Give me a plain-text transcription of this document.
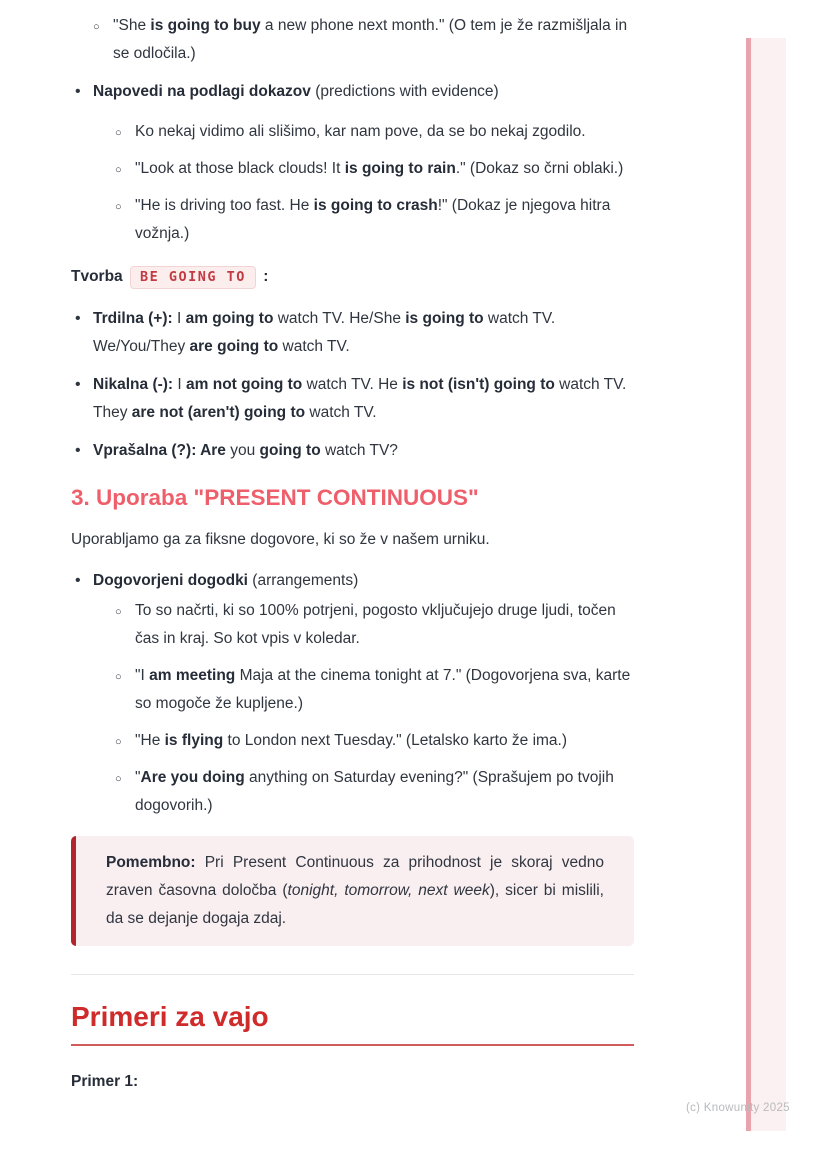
○ "She is going to buy a new phone next month." (O tem je že razmišljala in se odločila.)
• Napovedi na podlagi dokazov (predictions with evidence)
○ Ko nekaj vidimo ali slišimo, kar nam pove, da se bo nekaj zgodilo.
○ "Look at those black clouds! It is going to rain." (Dokaz so črni oblaki.)
○ "He is driving too fast. He is going to crash!" (Dokaz je njegova hitra vožnja.)

Tvorba BE GOING TO :

• Trdilna (+): I am going to watch TV. He/She is going to watch TV. We/You/They are going to watch TV.
• Nikalna (-): I am not going to watch TV. He is not (isn't) going to watch TV. They are not (aren't) going to watch TV.
• Vprašalna (?): Are you going to watch TV?
3. Uporaba "PRESENT CONTINUOUS"

Uporabljamo ga za fiksne dogovore, ki so že v našem urniku.

• Dogovorjeni dogodki (arrangements)
○ To so načrti, ki so 100% potrjeni, pogosto vključujejo druge ljudi, točen čas in kraj. So kot vpis v koledar.
○ "I am meeting Maja at the cinema tonight at 7." (Dogovorjena sva, karte so mogoče že kupljene.)
○ "He is flying to London next Tuesday." (Letalsko karto že ima.)
○ "Are you doing anything on Saturday evening?" (Sprašujem po tvojih dogovorih.)
Pomembno: Pri Present Continuous za prihodnost je skoraj vedno zraven časovna določba (tonight, tomorrow, next week), sicer bi mislili, da se dejanje dogaja zdaj.
Primeri za vajo

Primer 1:

(c) Knowunity 2025
